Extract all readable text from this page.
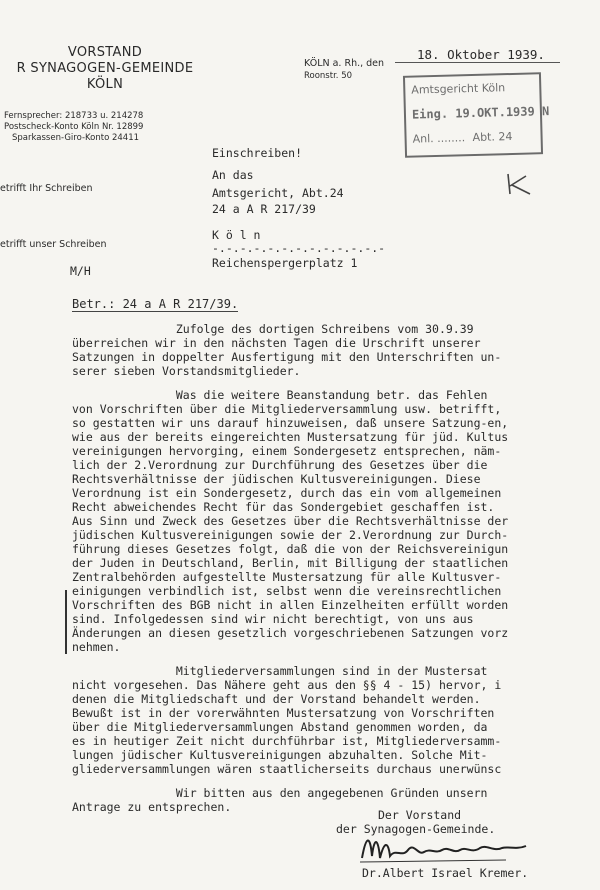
VORSTAND
R SYNAGOGEN-GEMEINDE
KÖLN
Fernsprecher: 218733 u. 214278
Postscheck-Konto Köln Nr. 12899
Sparkassen-Giro-Konto 24411
etrifft Ihr Schreiben
etrifft unser Schreiben
KÖLN a. Rh., den
18. Oktober 1939.
Roonstr. 50
Amtsgericht Köln
Eing. 19.OKT.1939 N
Anl. ........ Abt. 24
Einschreiben!
An das
Amtsgericht, Abt.24
24 a A R 217/39
K ö l n
-.-.-.-.-.-.-.-.-.-.-.-.-
Reichenspergerplatz 1
M/H
Betr.: 24 a A R 217/39.
Zufolge des dortigen Schreibens vom 30.9.39
überreichen wir in den nächsten Tagen die Urschrift unserer
Satzungen in doppelter Ausfertigung mit den Unterschriften un-
serer sieben Vorstandsmitglieder.
Was die weitere Beanstandung betr. das Fehlen
von Vorschriften über die Mitgliederversammlung usw. betrifft,
so gestatten wir uns darauf hinzuweisen, daß unsere Satzung-en,
wie aus der bereits eingereichten Mustersatzung für jüd. Kultus
vereinigungen hervorging, einem Sondergesetz entsprechen, näm-
lich der 2.Verordnung zur Durchführung des Gesetzes über die
Rechtsverhältnisse der jüdischen Kultusvereinigungen. Diese
Verordnung ist ein Sondergesetz, durch das ein vom allgemeinen
Recht abweichendes Recht für das Sondergebiet geschaffen ist.
Aus Sinn und Zweck des Gesetzes über die Rechtsverhältnisse der
jüdischen Kultusvereinigungen sowie der 2.Verordnung zur Durch-
führung dieses Gesetzes folgt, daß die von der Reichsvereinigun
der Juden in Deutschland, Berlin, mit Billigung der staatlichen
Zentralbehörden aufgestellte Mustersatzung für alle Kultusver-
einigungen verbindlich ist, selbst wenn die vereinsrechtlichen
Vorschriften des BGB nicht in allen Einzelheiten erfüllt worden
sind. Infolgedessen sind wir nicht berechtigt, von uns aus
Änderungen an diesen gesetzlich vorgeschriebenen Satzungen vorz
nehmen.
Mitgliederversammlungen sind in der Mustersat
nicht vorgesehen. Das Nähere geht aus den §§ 4 - 15) hervor, i
denen die Mitgliedschaft und der Vorstand behandelt werden.
Bewußt ist in der vorerwähnten Mustersatzung von Vorschriften
über die Mitgliederversammlungen Abstand genommen worden, da
es in heutiger Zeit nicht durchführbar ist, Mitgliederversamm-
lungen jüdischer Kultusvereinigungen abzuhalten. Solche Mit-
gliederversammlungen wären staatlicherseits durchaus unerwünsc
Wir bitten aus den angegebenen Gründen unsern
Antrage zu entsprechen.
Der Vorstand
der Synagogen-Gemeinde.
Dr.Albert Israel Kremer.
